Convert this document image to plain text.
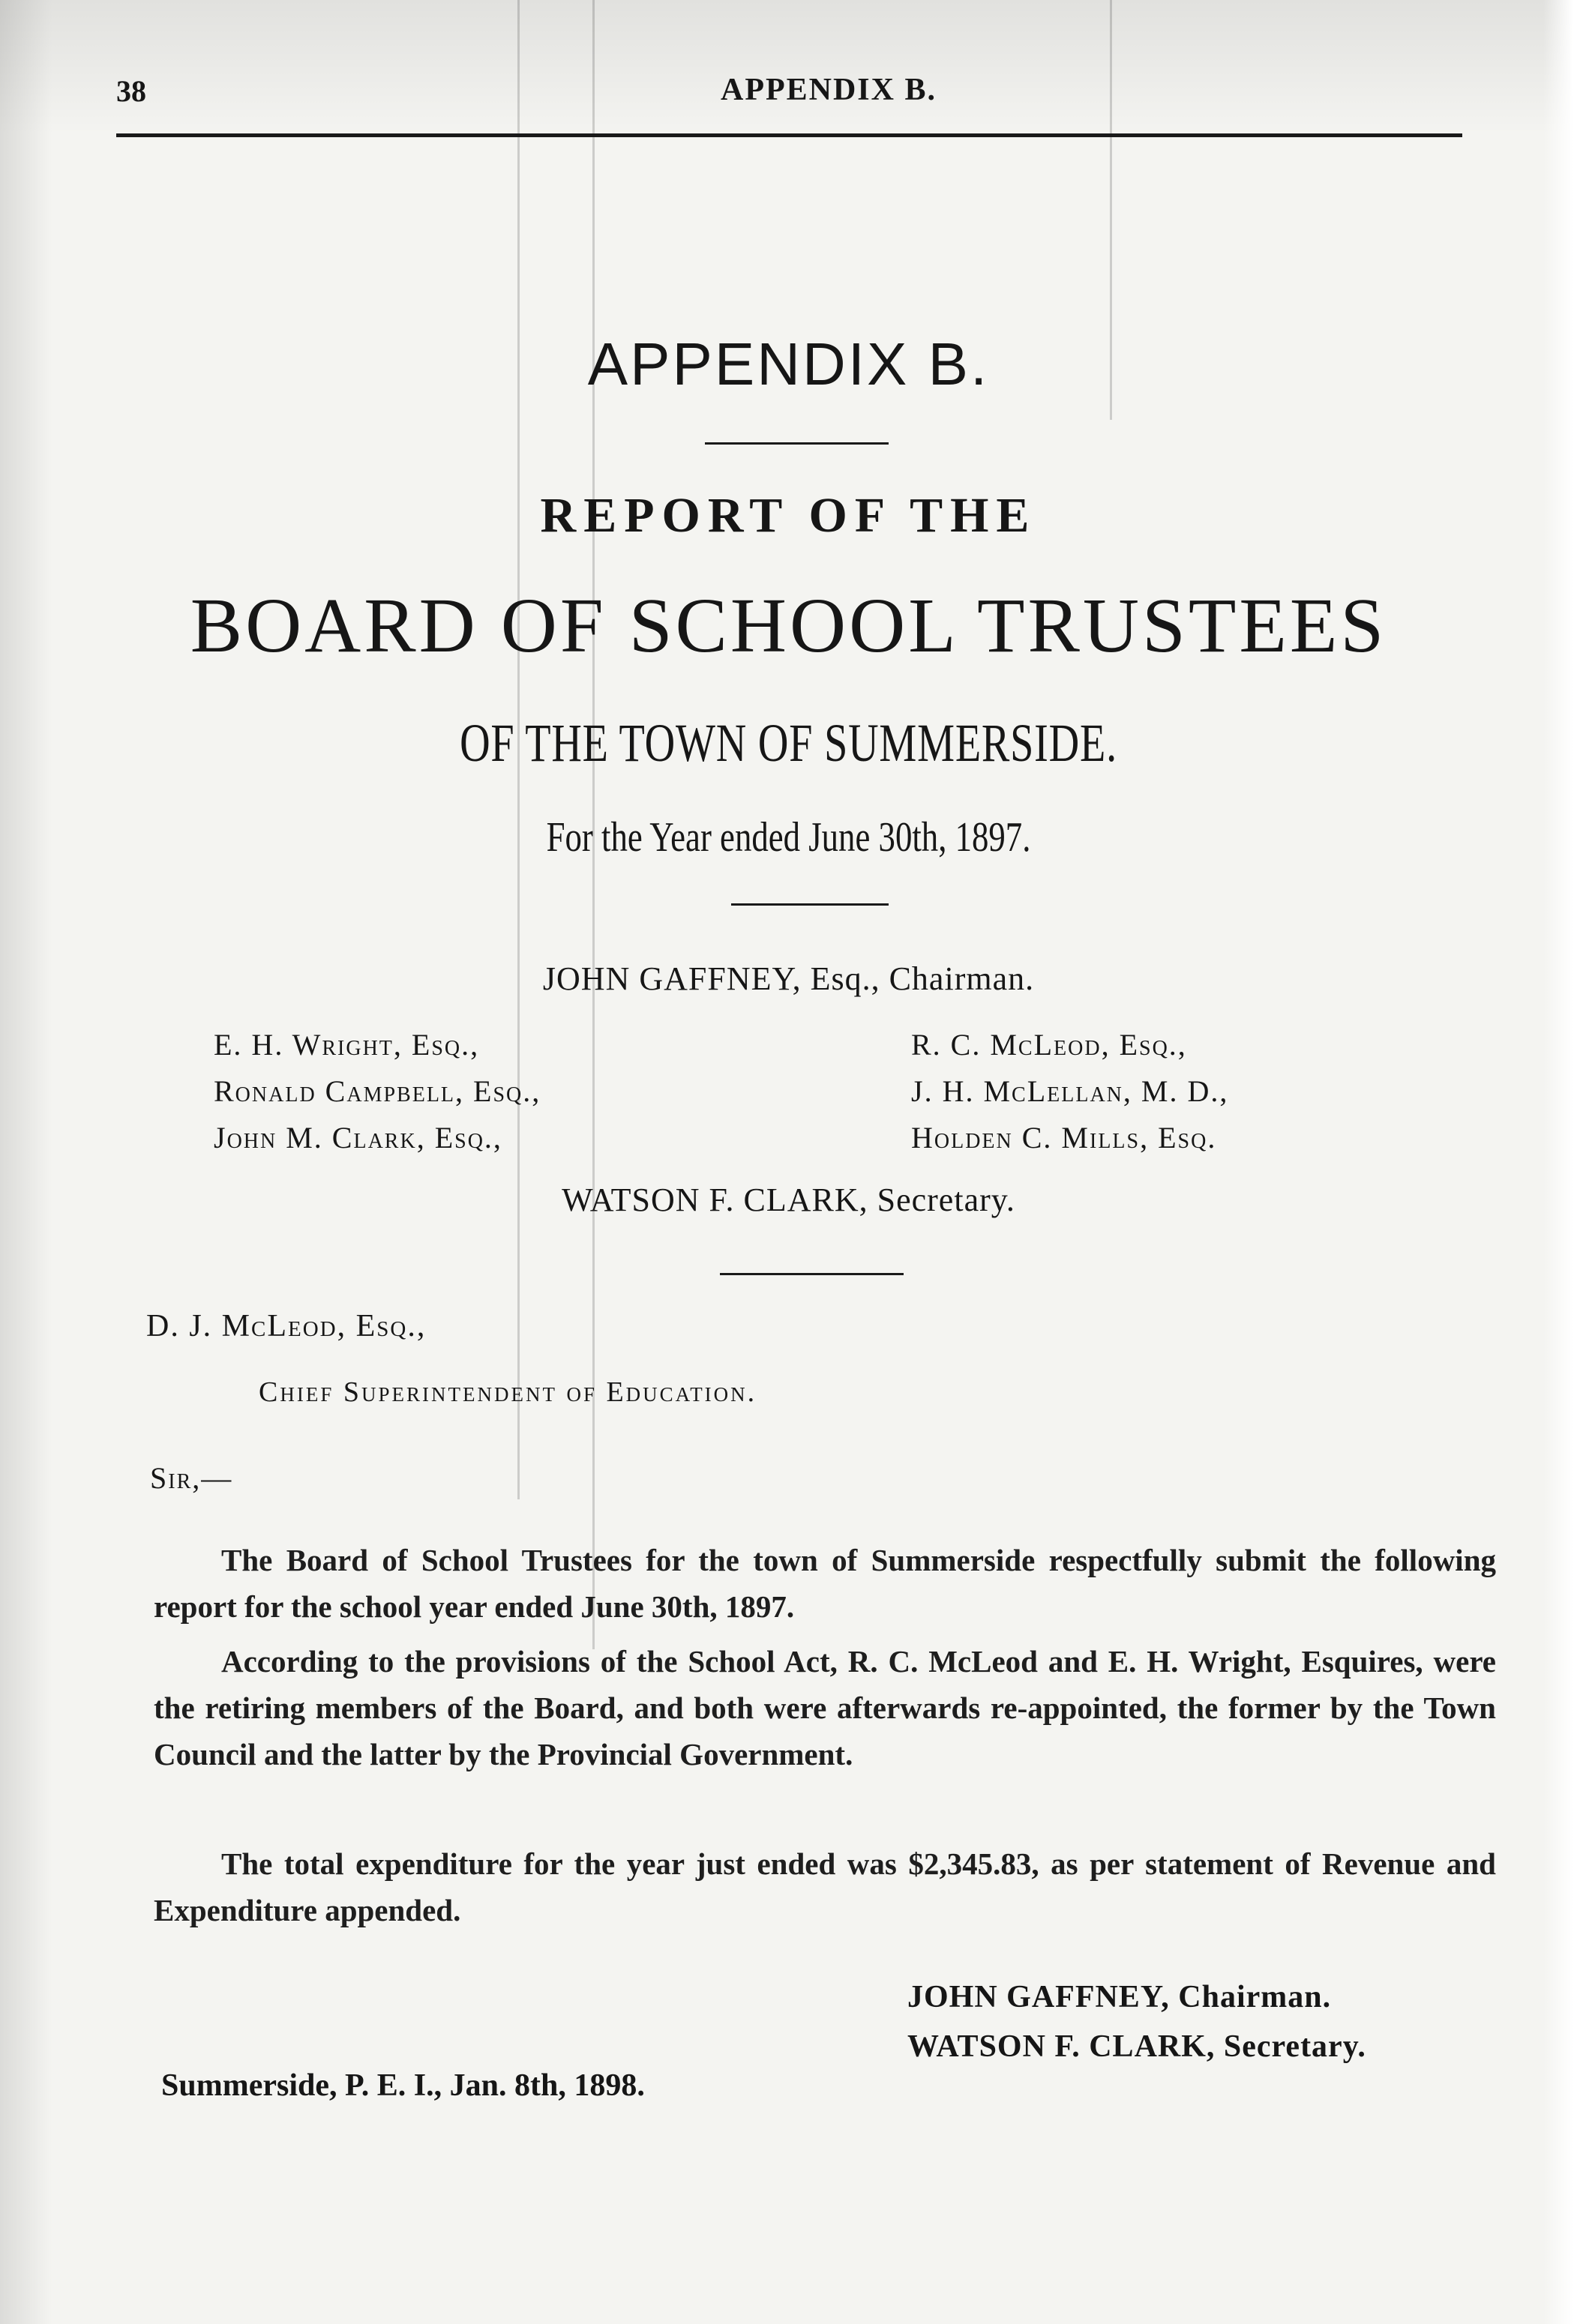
38	APPENDIX B.
APPENDIX B.
REPORT OF THE
BOARD OF SCHOOL TRUSTEES
OF THE TOWN OF SUMMERSIDE.
For the Year ended June 30th, 1897.
JOHN GAFFNEY, Esq., Chairman.
E. H. Wright, Esq.,
Ronald Campbell, Esq.,
John M. Clark, Esq.,
R. C. McLeod, Esq.,
J. H. McLellan, M. D.,
Holden C. Mills, Esq.
WATSON F. CLARK, Secretary.
D. J. McLeod, Esq.,
Chief Superintendent of Education.
Sir,—
The Board of School Trustees for the town of Summerside respectfully submit the following report for the school year ended June 30th, 1897.
According to the provisions of the School Act, R. C. McLeod and E. H. Wright, Esquires, were the retiring members of the Board, and both were afterwards re-appointed, the former by the Town Council and the latter by the Provincial Government.
The total expenditure for the year just ended was $2,345.83, as per statement of Revenue and Expenditure appended.
JOHN GAFFNEY, Chairman.
WATSON F. CLARK, Secretary.
Summerside, P. E. I., Jan. 8th, 1898.
